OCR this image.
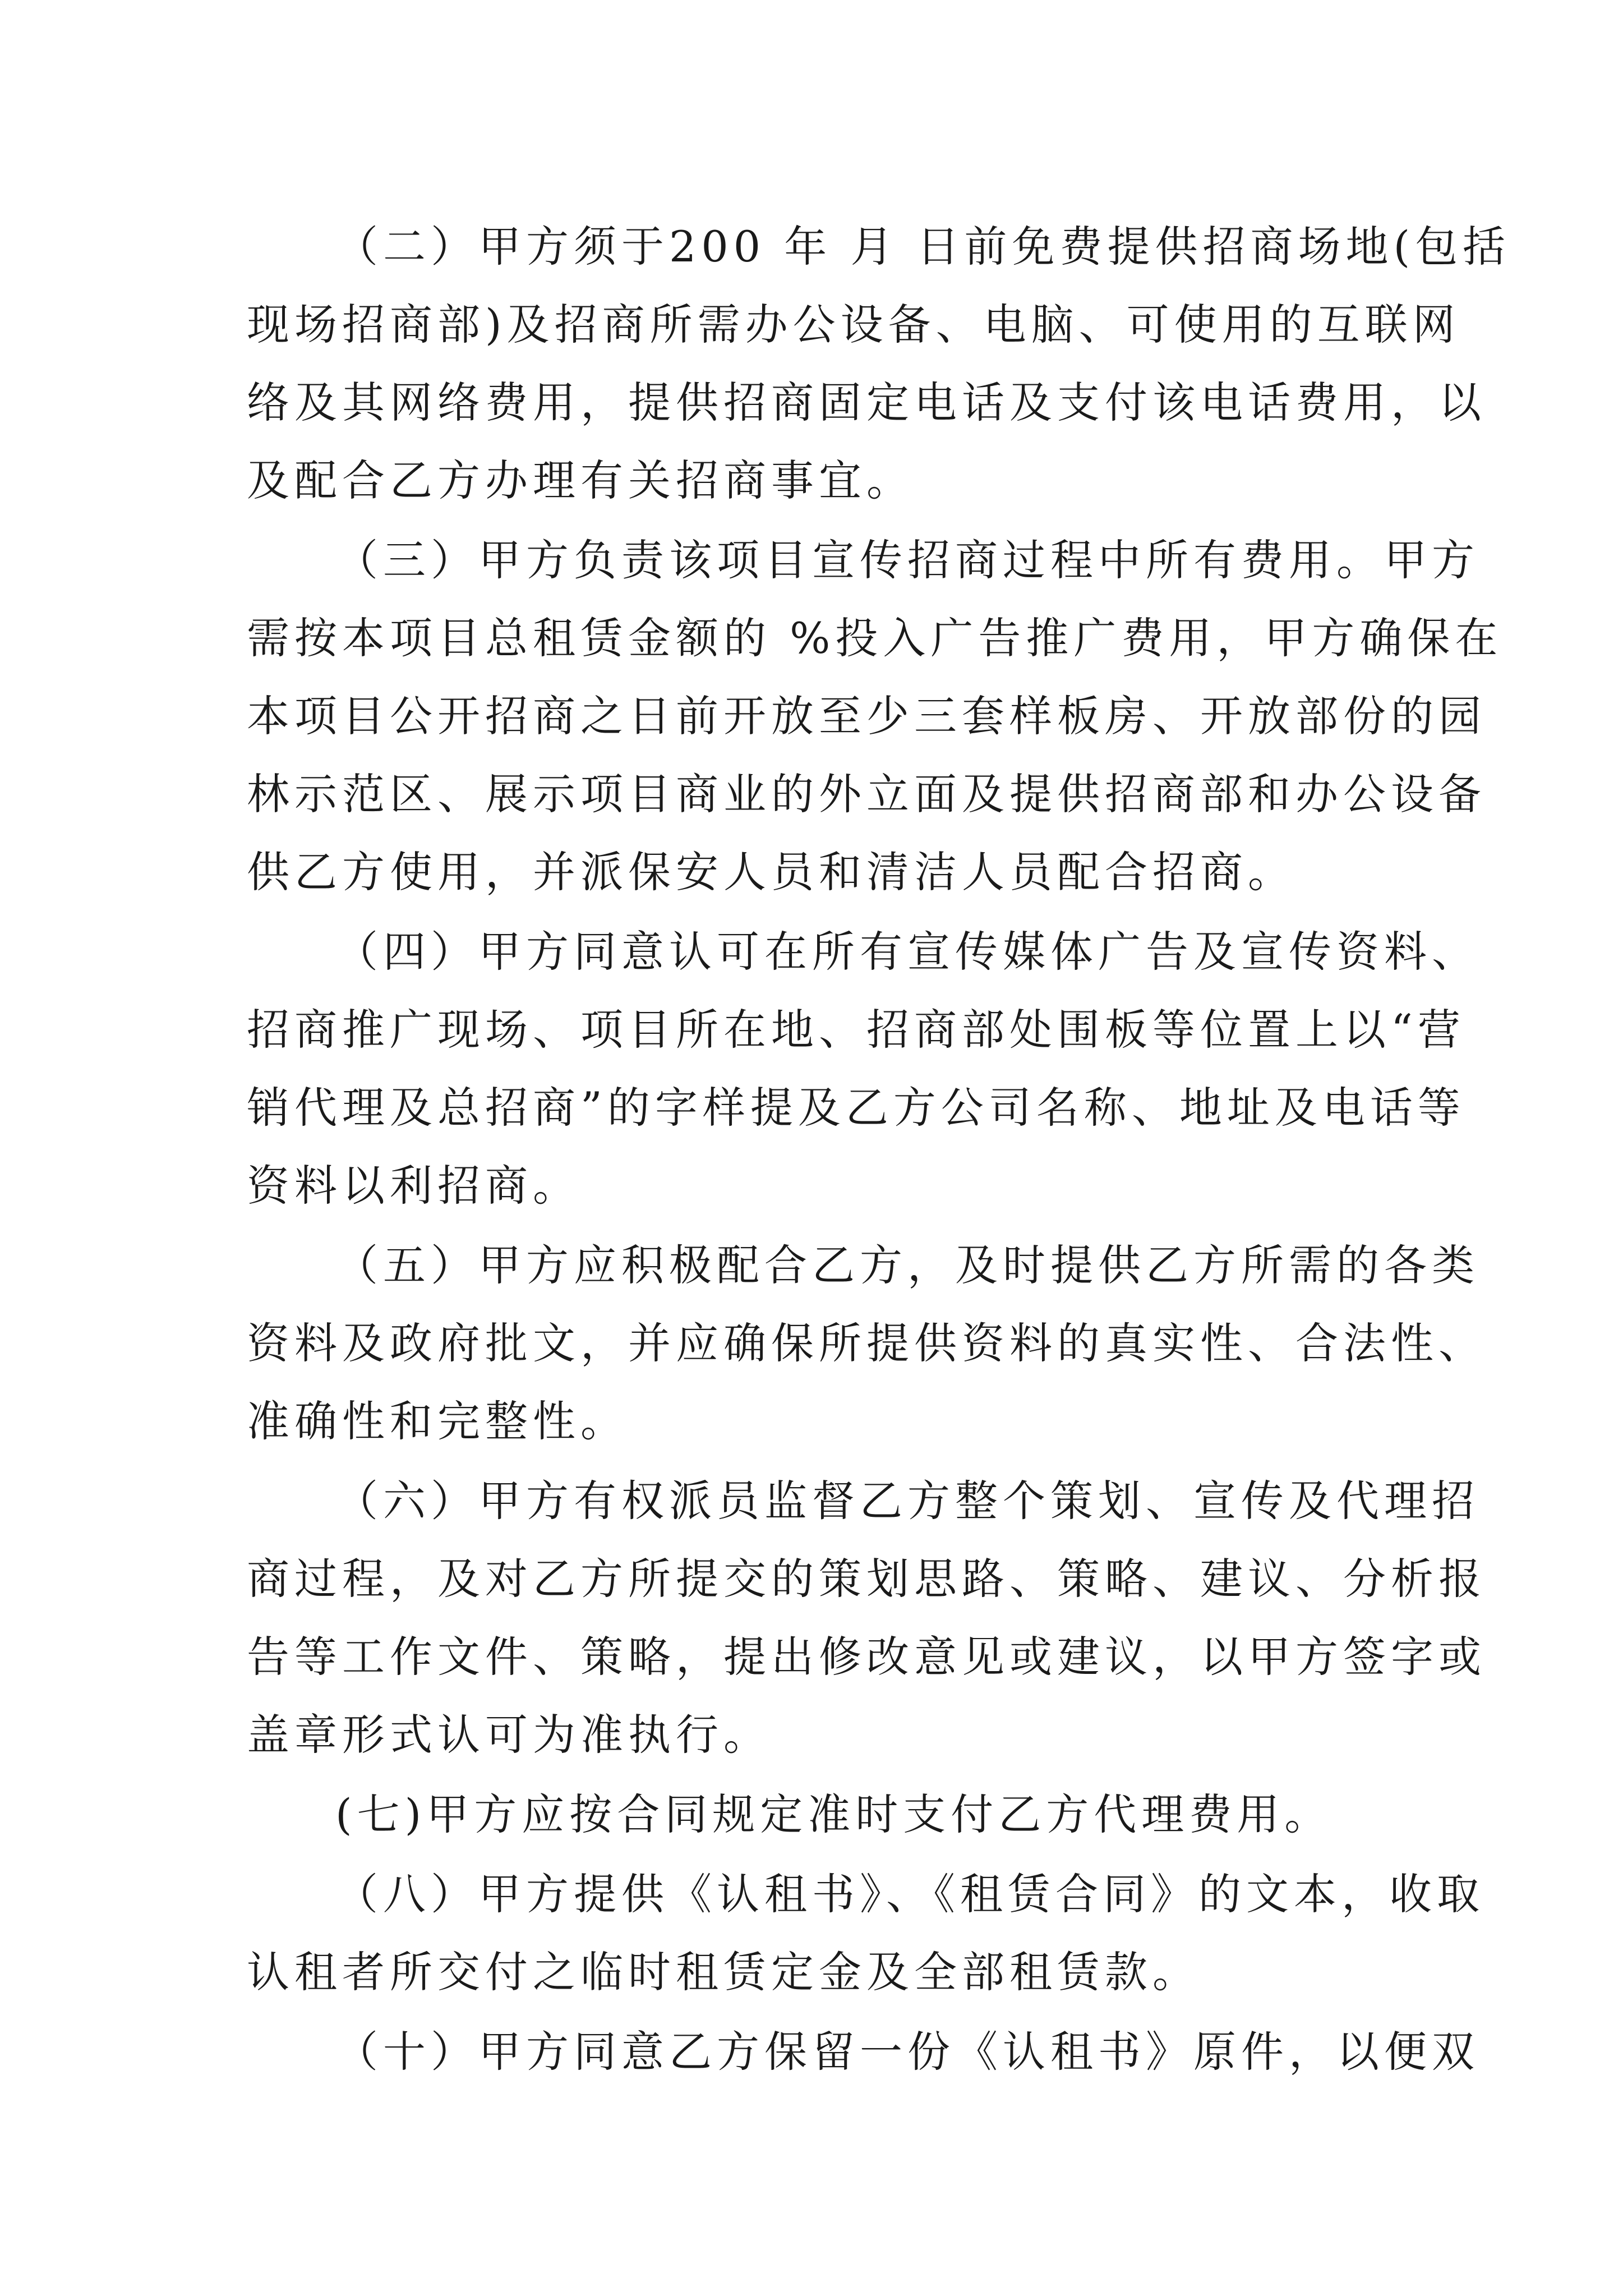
（二）甲方须于200 年 月 日前免费提供招商场地(包括
现场招商部)及招商所需办公设备、电脑、可使用的互联网
络及其网络费用，提供招商固定电话及支付该电话费用，以
及配合乙方办理有关招商事宜。
（三）甲方负责该项目宣传招商过程中所有费用。甲方
需按本项目总租赁金额的 %投入广告推广费用，甲方确保在
本项目公开招商之日前开放至少三套样板房、开放部份的园
林示范区、展示项目商业的外立面及提供招商部和办公设备
供乙方使用，并派保安人员和清洁人员配合招商。
（四）甲方同意认可在所有宣传媒体广告及宣传资料、
招商推广现场、项目所在地、招商部处围板等位置上以“营
销代理及总招商”的字样提及乙方公司名称、地址及电话等
资料以利招商。
（五）甲方应积极配合乙方，及时提供乙方所需的各类
资料及政府批文，并应确保所提供资料的真实性、合法性、
准确性和完整性。
（六）甲方有权派员监督乙方整个策划、宣传及代理招
商过程，及对乙方所提交的策划思路、策略、建议、分析报
告等工作文件、策略，提出修改意见或建议，以甲方签字或
盖章形式认可为准执行。
(七)甲方应按合同规定准时支付乙方代理费用。
（八）甲方提供《认租书》、《租赁合同》的文本，收取
认租者所交付之临时租赁定金及全部租赁款。
（十）甲方同意乙方保留一份《认租书》原件，以便双
